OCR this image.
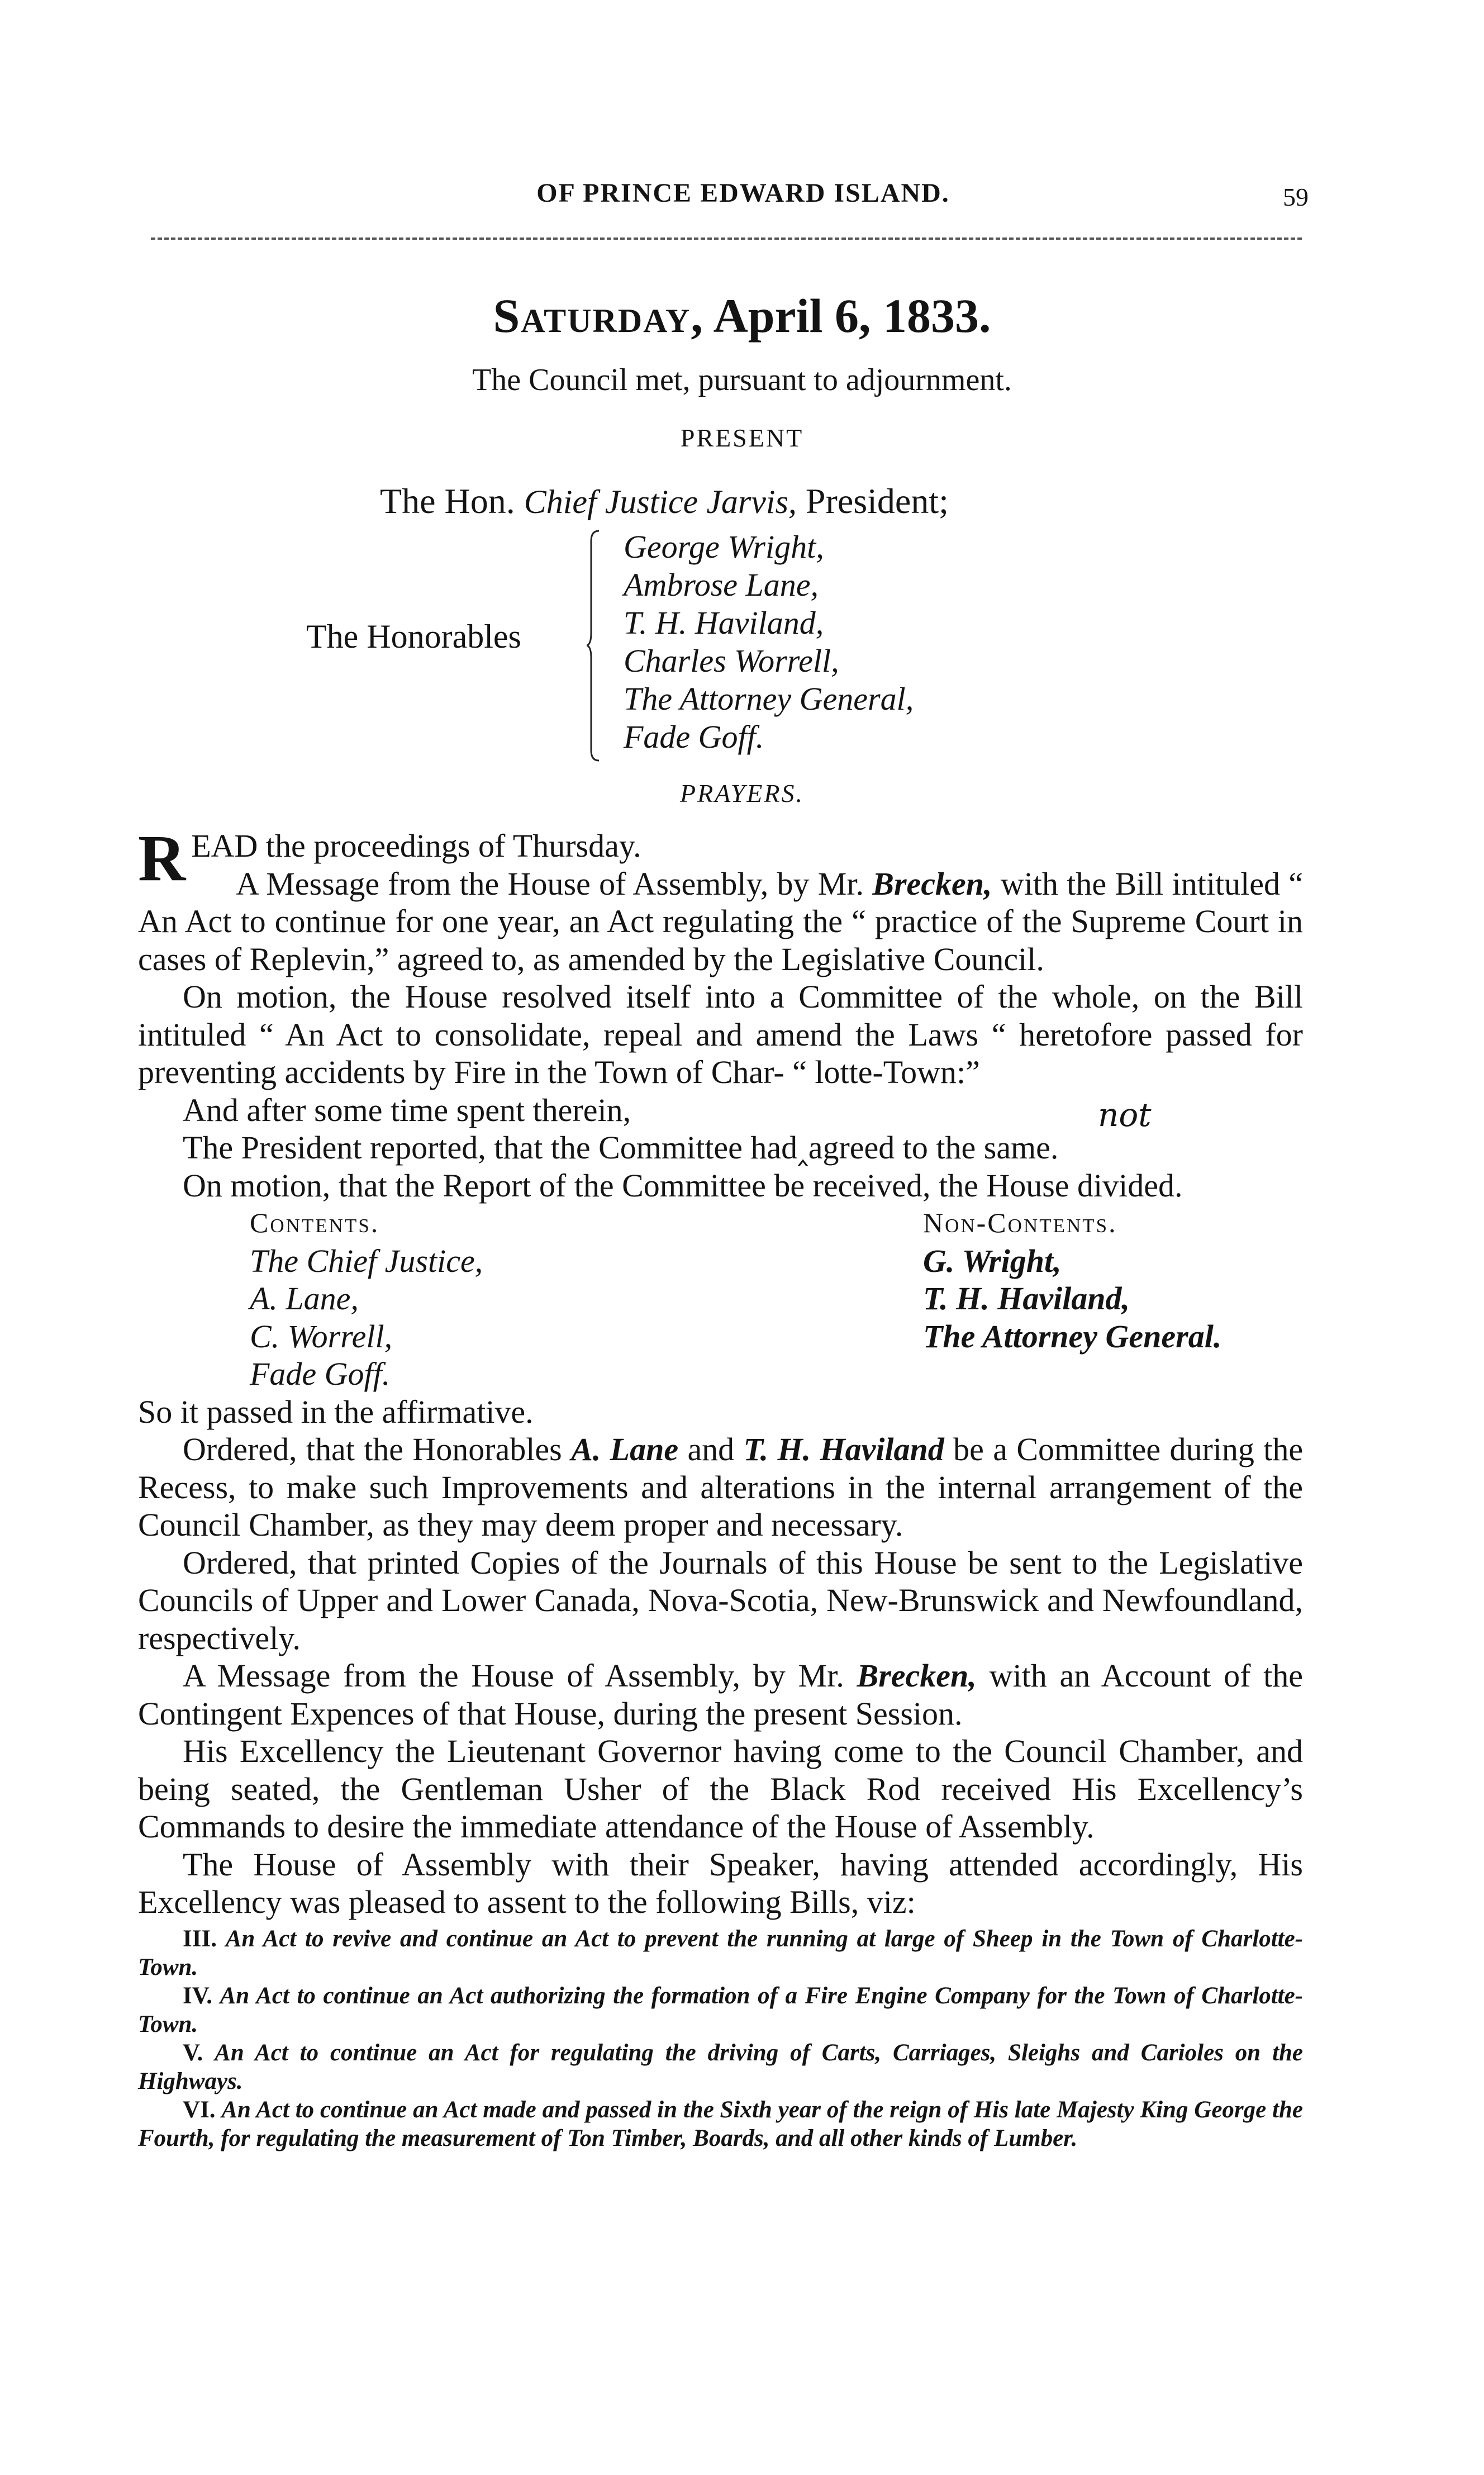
OF PRINCE EDWARD ISLAND.	59
Saturday, April 6, 1833.
The Council met, pursuant to adjournment.
PRESENT
The Hon. Chief Justice Jarvis, President;
The Honorables
George Wright,
Ambrose Lane,
T. H. Haviland,
Charles Worrell,
The Attorney General,
Fade Goff.
PRAYERS.

READ the proceedings of Thursday.

A Message from the House of Assembly, by Mr. Brecken, with the Bill intituled “ An Act to continue for one year, an Act regulating the “ practice of the Supreme Court in cases of Replevin,” agreed to, as amended by the Legislative Council.

On motion, the House resolved itself into a Committee of the whole, on the Bill intituled “ An Act to consolidate, repeal and amend the Laws “ heretofore passed for preventing accidents by Fire in the Town of Char- “ lotte-Town:”

And after some time spent therein,	not
The President reported, that the Committee had‸agreed to the same.

On motion, that the Report of the Committee be received, the House divided.

Contents.
The Chief Justice,
A. Lane,
C. Worrell,
Fade Goff.
Non-Contents.
G. Wright,
T. H. Haviland,
The Attorney General.

So it passed in the affirmative.

Ordered, that the Honorables A. Lane and T. H. Haviland be a Committee during the Recess, to make such Improvements and alterations in the internal arrangement of the Council Chamber, as they may deem proper and necessary.

Ordered, that printed Copies of the Journals of this House be sent to the Legislative Councils of Upper and Lower Canada, Nova-Scotia, New-Brunswick and Newfoundland, respectively.

A Message from the House of Assembly, by Mr. Brecken, with an Account of the Contingent Expences of that House, during the present Session.

His Excellency the Lieutenant Governor having come to the Council Chamber, and being seated, the Gentleman Usher of the Black Rod received His Excellency’s Commands to desire the immediate attendance of the House of Assembly.

The House of Assembly with their Speaker, having attended accordingly, His Excellency was pleased to assent to the following Bills, viz:

III. An Act to revive and continue an Act to prevent the running at large of Sheep in the Town of Charlotte-Town.

IV. An Act to continue an Act authorizing the formation of a Fire Engine Company for the Town of Charlotte-Town.

V. An Act to continue an Act for regulating the driving of Carts, Carriages, Sleighs and Carioles on the Highways.

VI. An Act to continue an Act made and passed in the Sixth year of the reign of His late Majesty King George the Fourth, for regulating the measurement of Ton Timber, Boards, and all other kinds of Lumber.
